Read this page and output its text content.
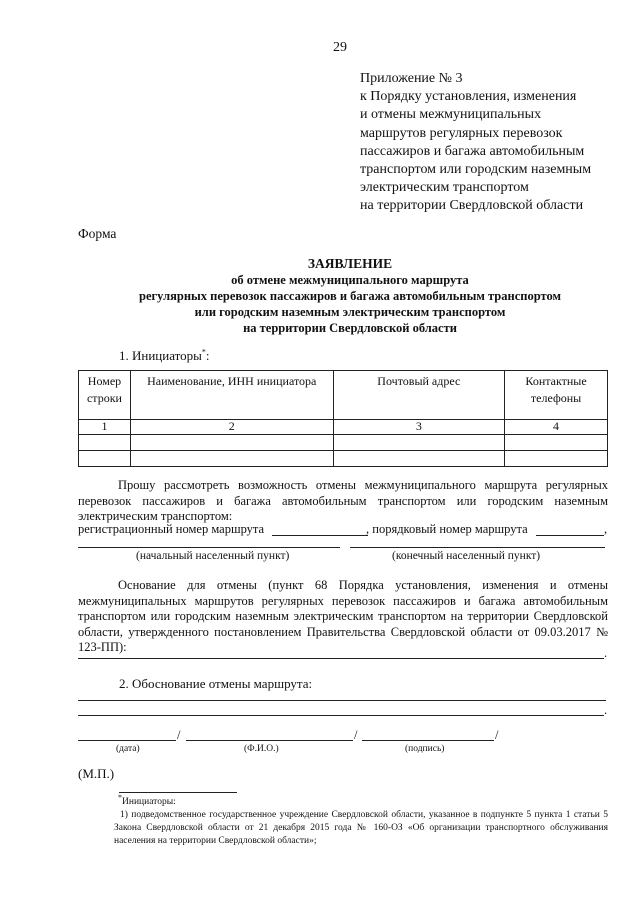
29
Приложение № 3
к Порядку установления, изменения
и отмены межмуниципальных
маршрутов регулярных перевозок
пассажиров и багажа автомобильным
транспортом или городским наземным
электрическим транспортом
на территории Свердловской области
Форма
ЗАЯВЛЕНИЕ
об отмене межмуниципального маршрута
регулярных перевозок пассажиров и багажа автомобильным транспортом
или городским наземным электрическим транспортом
на территории Свердловской области
1. Инициаторы*:
Номер строки	Наименование, ИНН инициатора	Почтовый адрес	Контактные телефоны
1	2	3	4

Прошу рассмотреть возможность отмены межмуниципального маршрута регулярных перевозок пассажиров и багажа автомобильным транспортом или городским наземным электрическим транспортом:
регистрационный номер маршрута	, порядковый номер маршрута	,
(начальный населенный пункт)	(конечный населенный пункт)
Основание для отмены (пункт 68 Порядка установления, изменения и отмены межмуниципальных маршрутов регулярных перевозок пассажиров и багажа автомобильным транспортом или городским наземным электрическим транспортом на территории Свердловской области, утвержденного постановлением Правительства Свердловской области от 09.03.2017 № 123-ПП):	.
2. Обоснование отмены маршрута:
.
/	/	/
(дата)	(Ф.И.О.)	(подпись)
(М.П.)
*Инициаторы:
1) подведомственное государственное учреждение Свердловской области, указанное в подпункте 5 пункта 1 статьи 5 Закона Свердловской области от 21 декабря 2015 года № 160-ОЗ «Об организации транспортного обслуживания населения на территории Свердловской области»;
